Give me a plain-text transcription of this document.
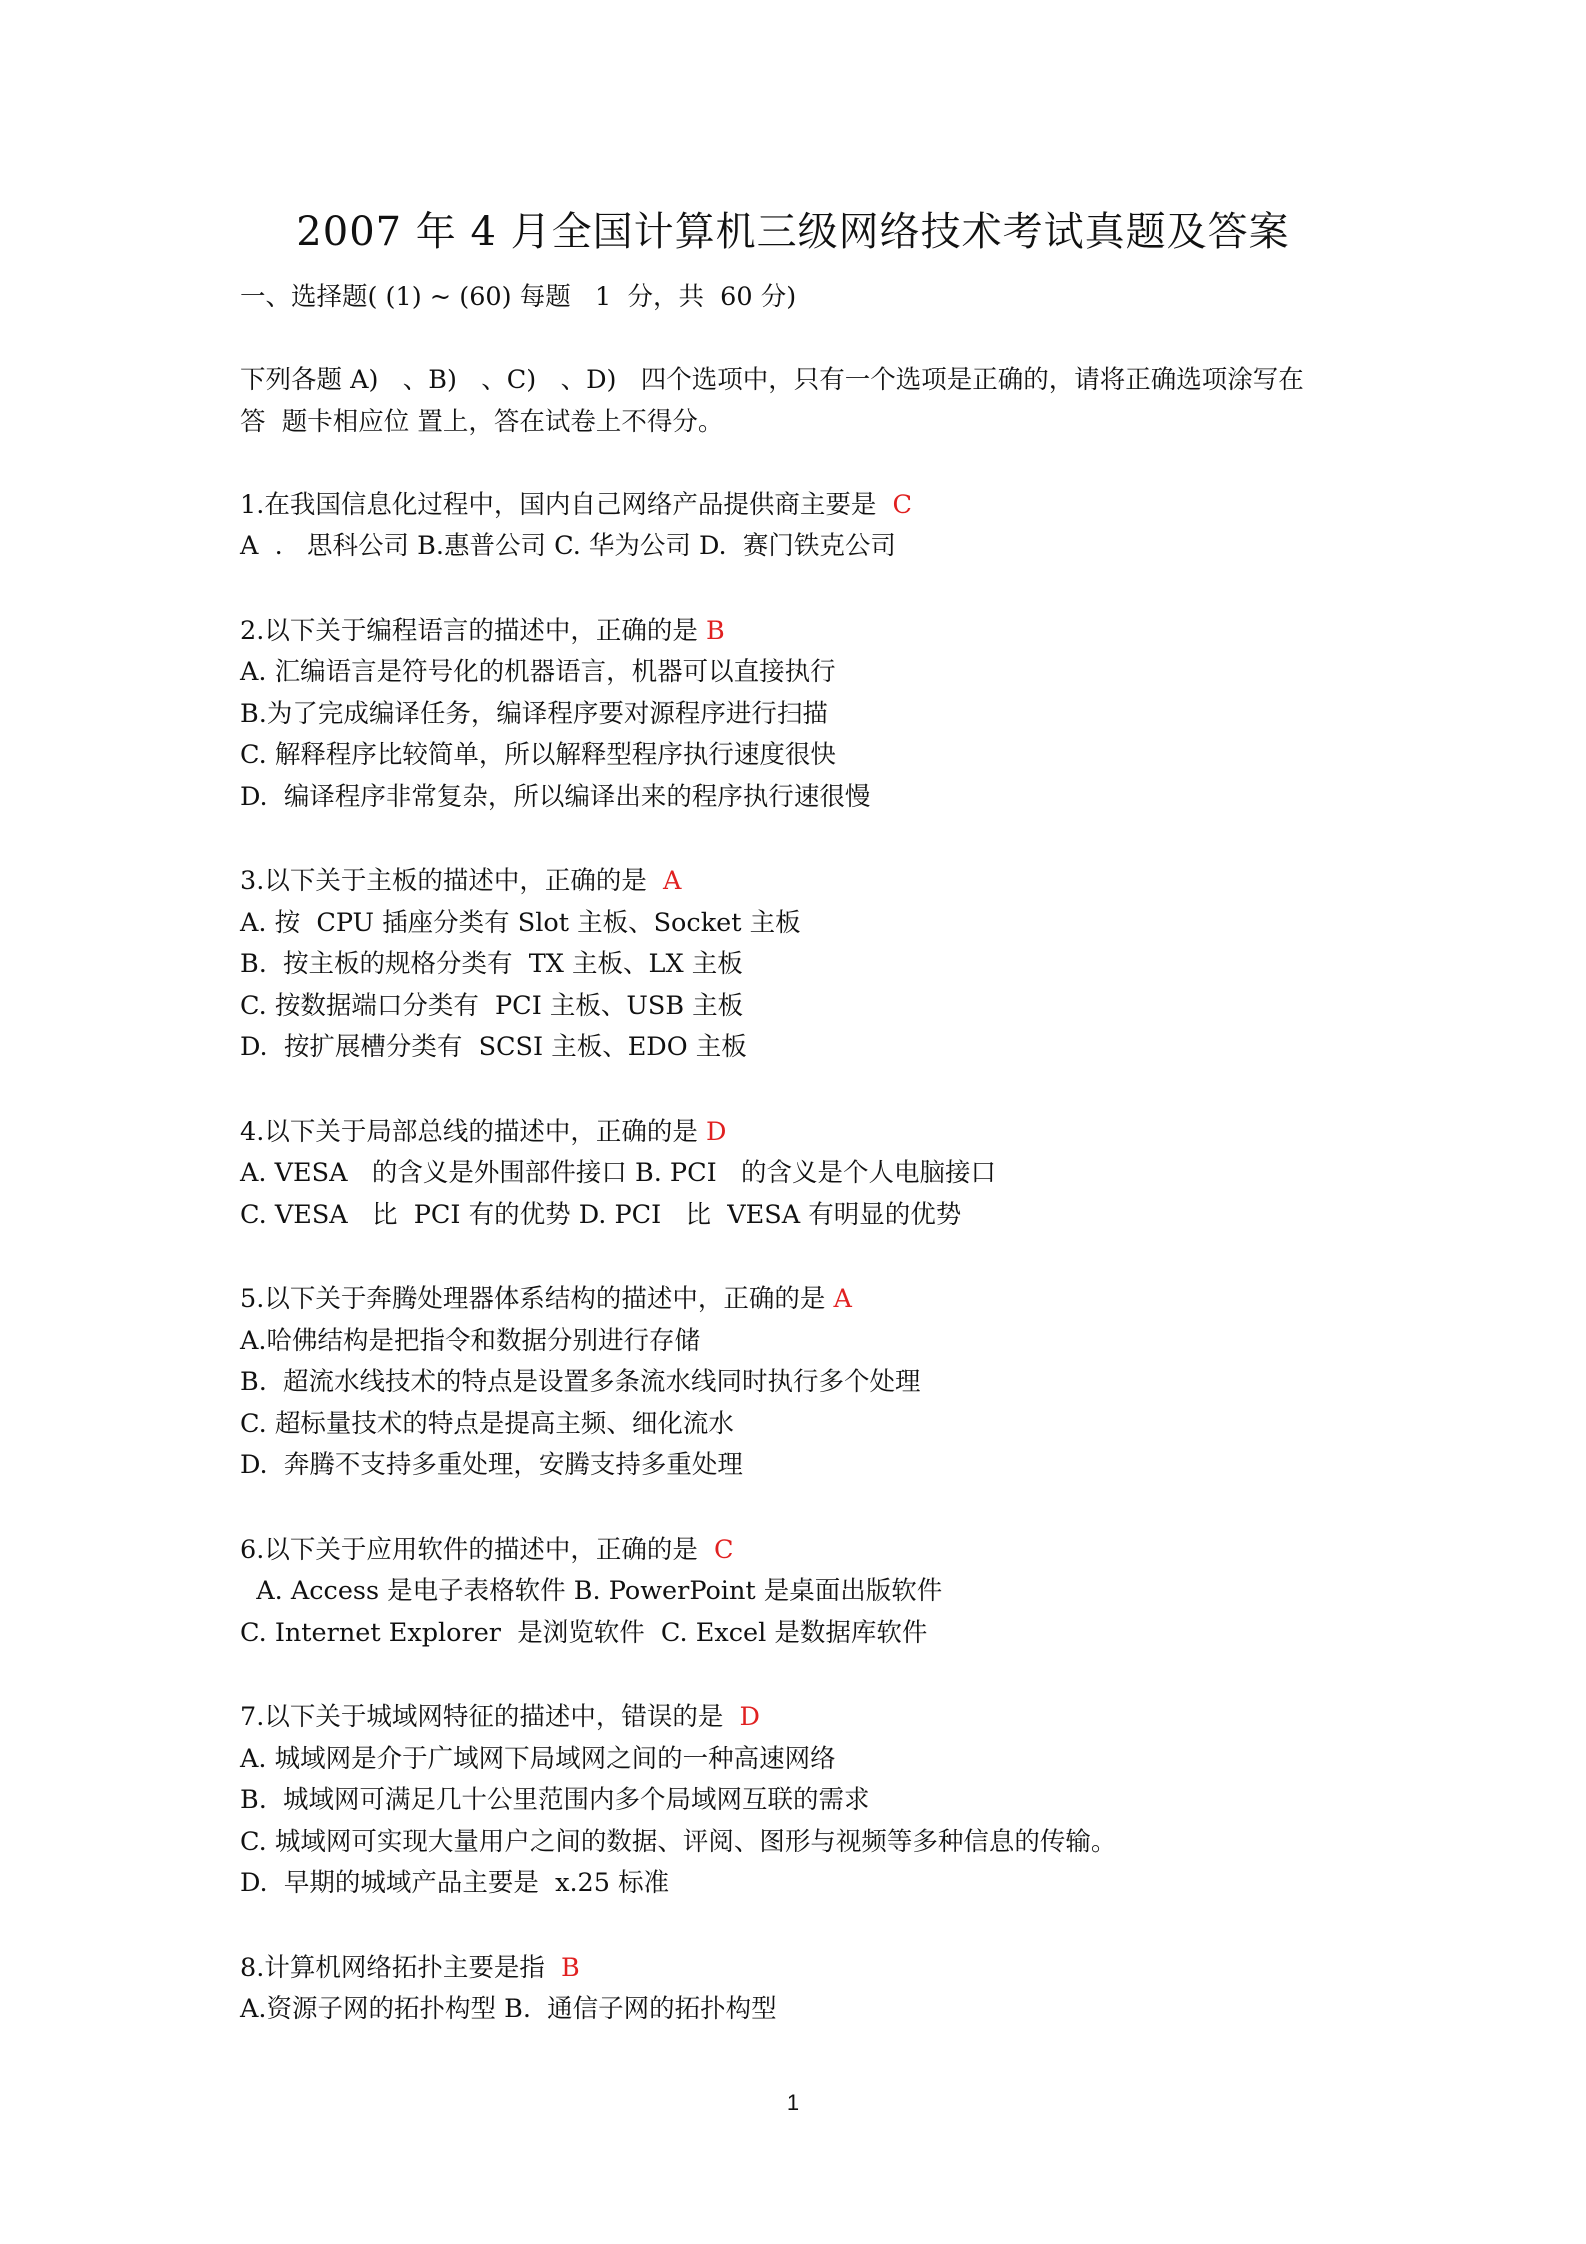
2007 年 4 月全国计算机三级网络技术考试真题及答案

一、选择题( (1) ~ (60) 每题   1  分，共  60 分)

下列各题 A)   、B)   、C)   、D)   四个选项中，只有一个选项是正确的，请将正确选项涂写在

答  题卡相应位 置上，答在试卷上不得分。

1.在我国信息化过程中，国内自己网络产品提供商主要是  C

A  .   思科公司 B.惠普公司 C. 华为公司 D.  赛门铁克公司

2.以下关于编程语言的描述中，正确的是 B

A. 汇编语言是符号化的机器语言，机器可以直接执行

B.为了完成编译任务，编译程序要对源程序进行扫描

C. 解释程序比较简单，所以解释型程序执行速度很快

D.  编译程序非常复杂，所以编译出来的程序执行速很慢

3.以下关于主板的描述中，正确的是  A

A. 按  CPU 插座分类有 Slot 主板、Socket 主板

B.  按主板的规格分类有  TX 主板、LX 主板

C. 按数据端口分类有  PCI 主板、USB 主板

D.  按扩展槽分类有  SCSI 主板、EDO 主板

4.以下关于局部总线的描述中，正确的是 D

A. VESA   的含义是外围部件接口 B. PCI   的含义是个人电脑接口

C. VESA   比  PCI 有的优势 D. PCI   比  VESA 有明显的优势

5.以下关于奔腾处理器体系结构的描述中，正确的是 A

A.哈佛结构是把指令和数据分别进行存储

B.  超流水线技术的特点是设置多条流水线同时执行多个处理

C. 超标量技术的特点是提高主频、细化流水

D.  奔腾不支持多重处理，安腾支持多重处理

6.以下关于应用软件的描述中，正确的是  C

A. Access 是电子表格软件 B. PowerPoint 是桌面出版软件

C. Internet Explorer  是浏览软件  C. Excel 是数据库软件

7.以下关于城域网特征的描述中，错误的是  D

A. 城域网是介于广域网下局域网之间的一种高速网络

B.  城域网可满足几十公里范围内多个局域网互联的需求

C. 城域网可实现大量用户之间的数据、评阅、图形与视频等多种信息的传输。

D.  早期的城域产品主要是  x.25 标准

8.计算机网络拓扑主要是指  B

A.资源子网的拓扑构型 B.  通信子网的拓扑构型

1
